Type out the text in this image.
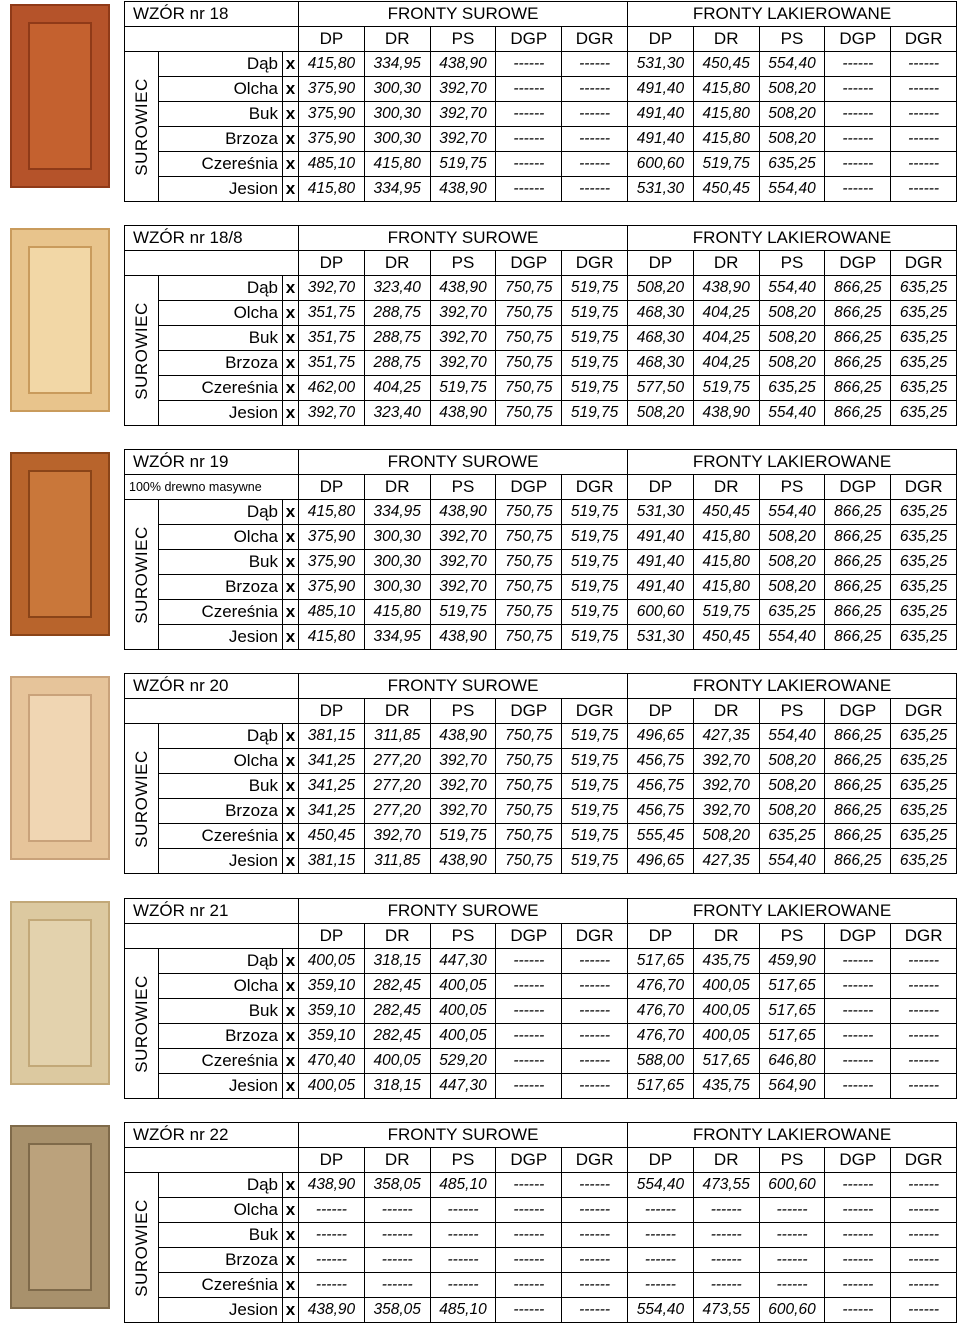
WZÓR nr 18			FRONTY SUROWE					FRONTY LAKIEROWANE				
			DP	DR	PS	DGP	DGR	DP	DR	PS	DGP	DGR

SUROWIEC	Dąb	x	415,80	334,95	438,90	------	------	531,30	450,45	554,40	------	------
	Olcha	x	375,90	300,30	392,70	------	------	491,40	415,80	508,20	------	------
	Buk	x	375,90	300,30	392,70	------	------	491,40	415,80	508,20	------	------
	Brzoza	x	375,90	300,30	392,70	------	------	491,40	415,80	508,20	------	------
	Czereśnia	x	485,10	415,80	519,75	------	------	600,60	519,75	635,25	------	------
	Jesion	x	415,80	334,95	438,90	------	------	531,30	450,45	554,40	------	------
WZÓR nr 18/8			FRONTY SUROWE					FRONTY LAKIEROWANE				
			DP	DR	PS	DGP	DGR	DP	DR	PS	DGP	DGR

SUROWIEC	Dąb	x	392,70	323,40	438,90	750,75	519,75	508,20	438,90	554,40	866,25	635,25
	Olcha	x	351,75	288,75	392,70	750,75	519,75	468,30	404,25	508,20	866,25	635,25
	Buk	x	351,75	288,75	392,70	750,75	519,75	468,30	404,25	508,20	866,25	635,25
	Brzoza	x	351,75	288,75	392,70	750,75	519,75	468,30	404,25	508,20	866,25	635,25
	Czereśnia	x	462,00	404,25	519,75	750,75	519,75	577,50	519,75	635,25	866,25	635,25
	Jesion	x	392,70	323,40	438,90	750,75	519,75	508,20	438,90	554,40	866,25	635,25
WZÓR nr 19			FRONTY SUROWE					FRONTY LAKIEROWANE				
100% drewno masywne			DP	DR	PS	DGP	DGR	DP	DR	PS	DGP	DGR

SUROWIEC	Dąb	x	415,80	334,95	438,90	750,75	519,75	531,30	450,45	554,40	866,25	635,25
	Olcha	x	375,90	300,30	392,70	750,75	519,75	491,40	415,80	508,20	866,25	635,25
	Buk	x	375,90	300,30	392,70	750,75	519,75	491,40	415,80	508,20	866,25	635,25
	Brzoza	x	375,90	300,30	392,70	750,75	519,75	491,40	415,80	508,20	866,25	635,25
	Czereśnia	x	485,10	415,80	519,75	750,75	519,75	600,60	519,75	635,25	866,25	635,25
	Jesion	x	415,80	334,95	438,90	750,75	519,75	531,30	450,45	554,40	866,25	635,25
WZÓR nr 20			FRONTY SUROWE					FRONTY LAKIEROWANE				
			DP	DR	PS	DGP	DGR	DP	DR	PS	DGP	DGR

SUROWIEC	Dąb	x	381,15	311,85	438,90	750,75	519,75	496,65	427,35	554,40	866,25	635,25
	Olcha	x	341,25	277,20	392,70	750,75	519,75	456,75	392,70	508,20	866,25	635,25
	Buk	x	341,25	277,20	392,70	750,75	519,75	456,75	392,70	508,20	866,25	635,25
	Brzoza	x	341,25	277,20	392,70	750,75	519,75	456,75	392,70	508,20	866,25	635,25
	Czereśnia	x	450,45	392,70	519,75	750,75	519,75	555,45	508,20	635,25	866,25	635,25
	Jesion	x	381,15	311,85	438,90	750,75	519,75	496,65	427,35	554,40	866,25	635,25
WZÓR nr 21			FRONTY SUROWE					FRONTY LAKIEROWANE				
			DP	DR	PS	DGP	DGR	DP	DR	PS	DGP	DGR

SUROWIEC	Dąb	x	400,05	318,15	447,30	------	------	517,65	435,75	459,90	------	------
	Olcha	x	359,10	282,45	400,05	------	------	476,70	400,05	517,65	------	------
	Buk	x	359,10	282,45	400,05	------	------	476,70	400,05	517,65	------	------
	Brzoza	x	359,10	282,45	400,05	------	------	476,70	400,05	517,65	------	------
	Czereśnia	x	470,40	400,05	529,20	------	------	588,00	517,65	646,80	------	------
	Jesion	x	400,05	318,15	447,30	------	------	517,65	435,75	564,90	------	------
WZÓR nr 22			FRONTY SUROWE					FRONTY LAKIEROWANE				
			DP	DR	PS	DGP	DGR	DP	DR	PS	DGP	DGR

SUROWIEC	Dąb	x	438,90	358,05	485,10	------	------	554,40	473,55	600,60	------	------
	Olcha	x	------	------	------	------	------	------	------	------	------	------
	Buk	x	------	------	------	------	------	------	------	------	------	------
	Brzoza	x	------	------	------	------	------	------	------	------	------	------
	Czereśnia	x	------	------	------	------	------	------	------	------	------	------
	Jesion	x	438,90	358,05	485,10	------	------	554,40	473,55	600,60	------	------
